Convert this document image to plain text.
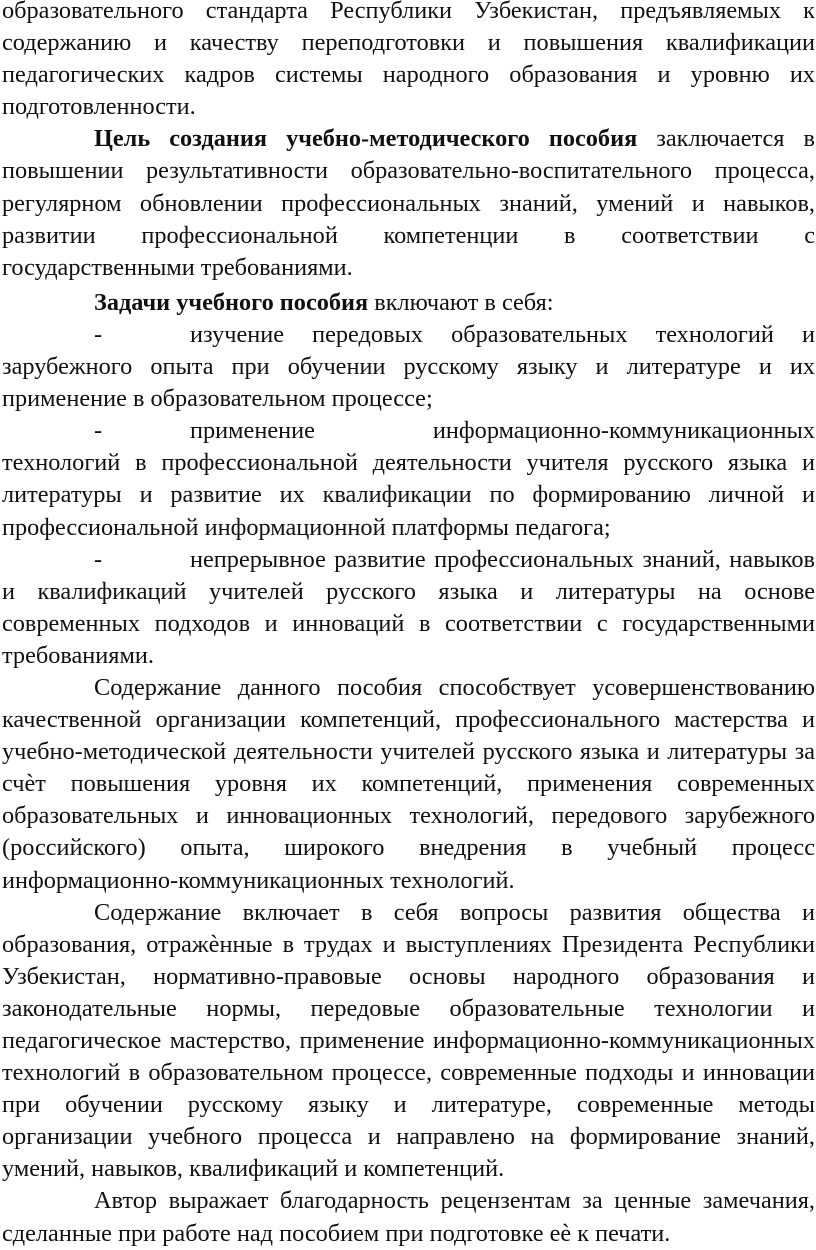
образовательного стандарта Республики Узбекистан, предъявляемых к содержанию и качеству переподготовки и повышения квалификации педагогических кадров системы народного образования и уровню их подготовленности.

Цель создания учебно-методического пособия заключается в повышении результативности образовательно-воспитательного процесса, регулярном обновлении профессиональных знаний, умений и навыков, развитии профессиональной компетенции в соответствии с государственными требованиями.

Задачи учебного пособия включают в себя:

-	изучение передовых образовательных технологий и зарубежного опыта при обучении русскому языку и литературе и их применение в образовательном процессе;

-	применение информационно-коммуникационных технологий в профессиональной деятельности учителя русского языка и литературы и развитие их квалификации по формированию личной и профессиональной информационной платформы педагога;

-	непрерывное развитие профессиональных знаний, навыков и квалификаций учителей русского языка и литературы на основе современных подходов и инноваций в соответствии с государственными требованиями.

Содержание данного пособия способствует усовершенствованию качественной организации компетенций, профессионального мастерства и учебно-методической деятельности учителей русского языка и литературы за счѐт повышения уровня их компетенций, применения современных образовательных и инновационных технологий, передового зарубежного (российского) опыта, широкого внедрения в учебный процесс информационно-коммуникационных технологий.

Содержание включает в себя вопросы развития общества и образования, отражѐнные в трудах и выступлениях Президента Республики Узбекистан, нормативно-правовые основы народного образования и законодательные нормы, передовые образовательные технологии и педагогическое мастерство, применение информационно-коммуникационных технологий в образовательном процессе, современные подходы и инновации при обучении русскому языку и литературе, современные методы организации учебного процесса и направлено на формирование знаний, умений, навыков, квалификаций и компетенций.

Автор выражает благодарность рецензентам за ценные замечания, сделанные при работе над пособием при подготовке еѐ к печати.
